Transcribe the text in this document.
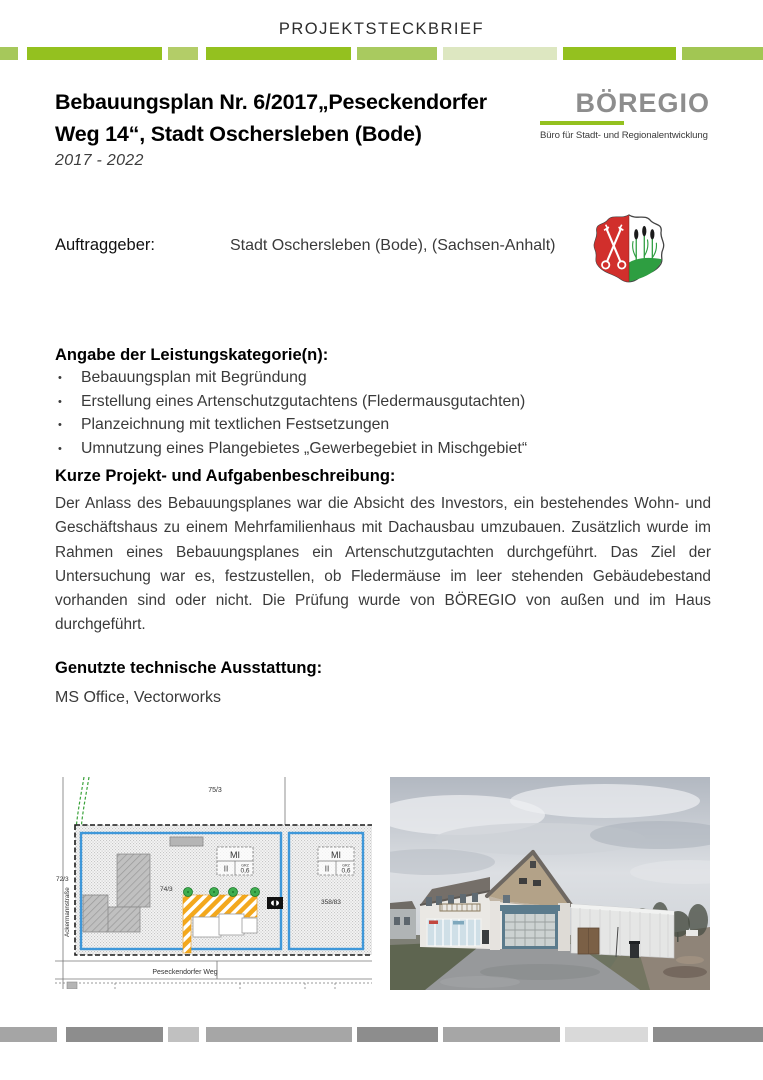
PROJEKTSTECKBRIEF
Bebauungsplan Nr. 6/2017„Peseckendorfer
Weg 14“, Stadt Oschersleben (Bode)
BÖREGIO
Büro für Stadt- und Regionalentwicklung
2017 - 2022
Auftraggeber:	Stadt Oschersleben (Bode), (Sachsen-Anhalt)
Angabe der Leistungskategorie(n):
• Bebauungsplan mit Begründung
• Erstellung eines Artenschutzgutachtens (Fledermausgutachten)
• Planzeichnung mit textlichen Festsetzungen
• Umnutzung eines Plangebietes „Gewerbegebiet in Mischgebiet“
Kurze Projekt- und Aufgabenbeschreibung:
Der Anlass des Bebauungsplanes war die Absicht des Investors, ein bestehendes Wohn- und Geschäftshaus zu einem Mehrfamilienhaus mit Dachausbau umzubauen. Zusätzlich wurde im Rahmen eines Bebauungsplanes ein Artenschutzgutachten durchgeführt. Das Ziel der Untersuchung war es, festzustellen, ob Fledermäuse im leer stehenden Gebäudebestand vorhanden sind oder nicht. Die Prüfung wurde von BÖREGIO von außen und im Haus durchgeführt.
Genutzte technische Ausstattung:
MS Office, Vectorworks
MI
II	GRZ
0,6
MI
II	GRZ
0,6
75/3
72/3
74/3
358/83
Ackermannstraße
Peseckendorfer Weg
